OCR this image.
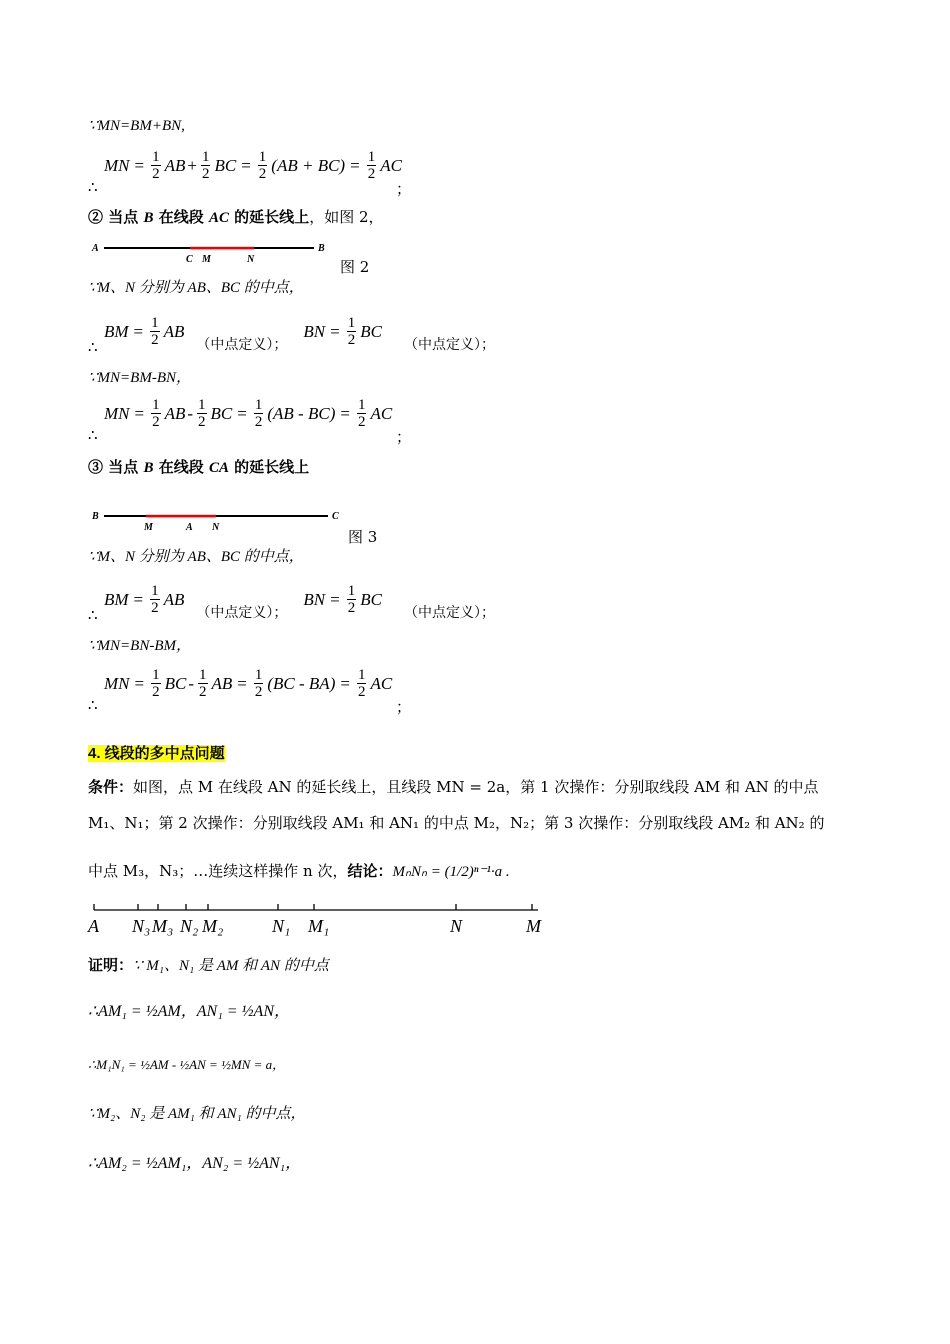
∵MN=BM+BN,
MN = $\frac{1}{2}$ AB + $\frac{1}{2}$ BC = $\frac{1}{2} (AB + BC) = \frac{1}{2}$ AC
∴	；
② 当点 B 在线段 AC 的延长线上，如图 2，
A	B
C M	N	图 2
∵M、N 分别为 AB、BC 的中点，
BM = $\frac{1}{2}$ AB
（中点定义）；
BN = $\frac{1}{2}$ BC
（中点定义）；
∴
∵MN=BM-BN，
MN = $\frac{1}{2}$ AB - $\frac{1}{2}$ BC = $\frac{1}{2} (AB - BC) = \frac{1}{2}$ AC
∴	；
③ 当点 B 在线段 CA 的延长线上
B	C
M	A N
图 3
∵M、N 分别为 AB、BC 的中点，
BM = $\frac{1}{2}$ AB
（中点定义）；
BN = $\frac{1}{2}$ BC
（中点定义）；
∴
∵MN=BN-BM，
MN = $\frac{1}{2}$ BC - $\frac{1}{2}$ AB = $\frac{1}{2} (BC - BA) = \frac{1}{2}$ AC
∴	；
4. 线段的多中点问题
条件：如图，点 M 在线段 AN 的延长线上，且线段 MN = 2a，第 1 次操作：分别取线段 AM 和 AN 的中点
M₁、N₁；第 2 次操作：分别取线段 AM₁ 和 AN₁ 的中点 M₂，N₂；第 3 次操作：分别取线段 AM₂ 和 AN₂ 的
中点 M₃，N₃；…连续这样操作 n 次，结论：MₙNₙ = (1/2)ⁿ⁻¹·a .
A N₃ M₃ N₂ M₂	N₁ M₁	N	M
证明：∵ M₁、N₁ 是 AM 和 AN 的中点
∴AM₁ = ½AM，AN₁ = ½AN，
∴M₁N₁ = ½AM - ½AN = ½MN = a，
∵M₂、N₂ 是 AM₁ 和 AN₁ 的中点，
∴AM₂ = ½AM₁，AN₂ = ½AN₁，
